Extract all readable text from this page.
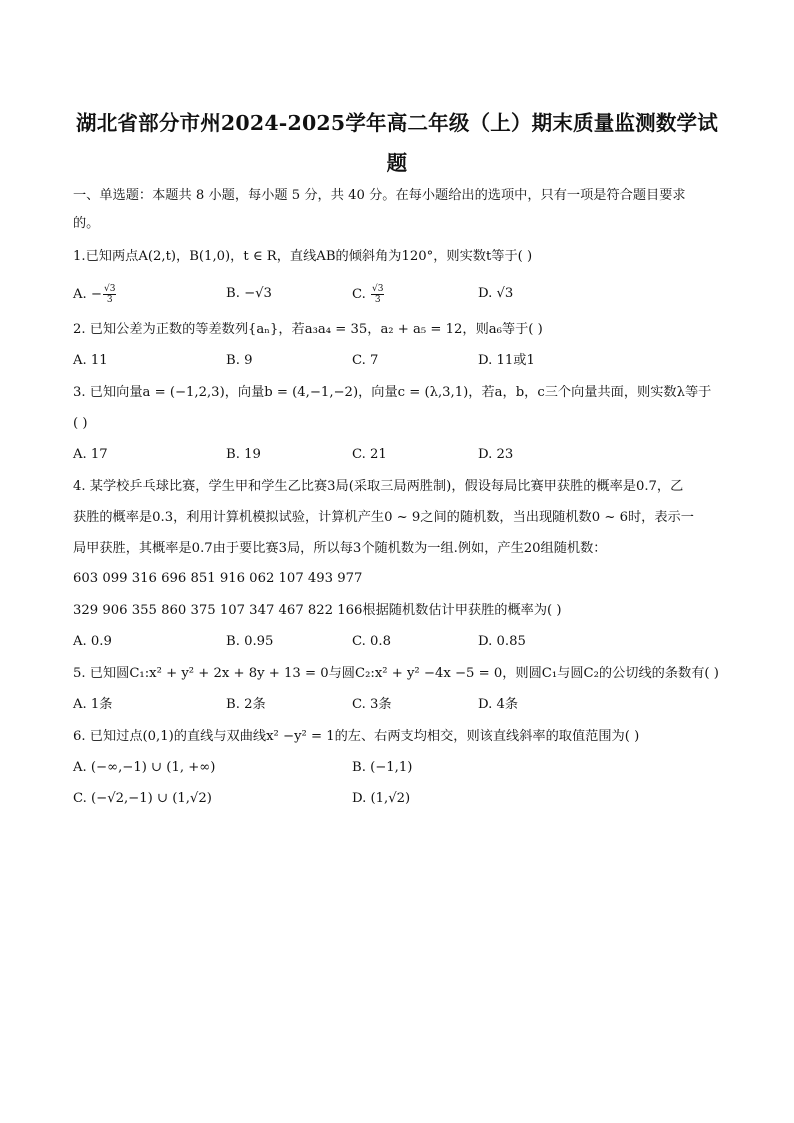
湖北省部分市州2024-2025学年高二年级（上）期末质量监测数学试
题
一、单选题：本题共 8 小题，每小题 5 分，共 40 分。在每小题给出的选项中，只有一项是符合题目要求
的。
1.已知两点A(2,t)，B(1,0)，t ∈ R，直线AB的倾斜角为120°，则实数t等于( )
A. − $\frac{√3}{3}$	B. −√3	C. $\frac{√3}{3}$	D. √3
2. 已知公差为正数的等差数列{aₙ}，若a₃a₄ = 35，a₂ + a₅ = 12，则a₆等于( )
A. 11	B. 9	C. 7	D. 11或1
3. 已知向量a = (−1,2,3)，向量b = (4,−1,−2)，向量c = (λ,3,1)，若a，b，c三个向量共面，则实数λ等于
( )
A. 17	B. 19	C. 21	D. 23
4. 某学校乒乓球比赛，学生甲和学生乙比赛3局(采取三局两胜制)，假设每局比赛甲获胜的概率是0.7，乙
获胜的概率是0.3，利用计算机模拟试验，计算机产生0 ~ 9之间的随机数，当出现随机数0 ~ 6时，表示一
局甲获胜，其概率是0.7由于要比赛3局，所以每3个随机数为一组.例如，产生20组随机数：
603 099 316 696 851 916 062 107 493 977
329 906 355 860 375 107 347 467 822 166根据随机数估计甲获胜的概率为( )
A. 0.9	B. 0.95	C. 0.8	D. 0.85
5. 已知圆C₁:x² + y² + 2x + 8y + 13 = 0与圆C₂:x² + y² −4x −5 = 0，则圆C₁与圆C₂的公切线的条数有( )
A. 1条	B. 2条	C. 3条	D. 4条
6. 已知过点(0,1)的直线与双曲线x² −y² = 1的左、右两支均相交，则该直线斜率的取值范围为( )
A. (−∞,−1) ∪ (1, +∞)	B. (−1,1)
C. (−√2,−1) ∪ (1,√2)	D. (1,√2)
